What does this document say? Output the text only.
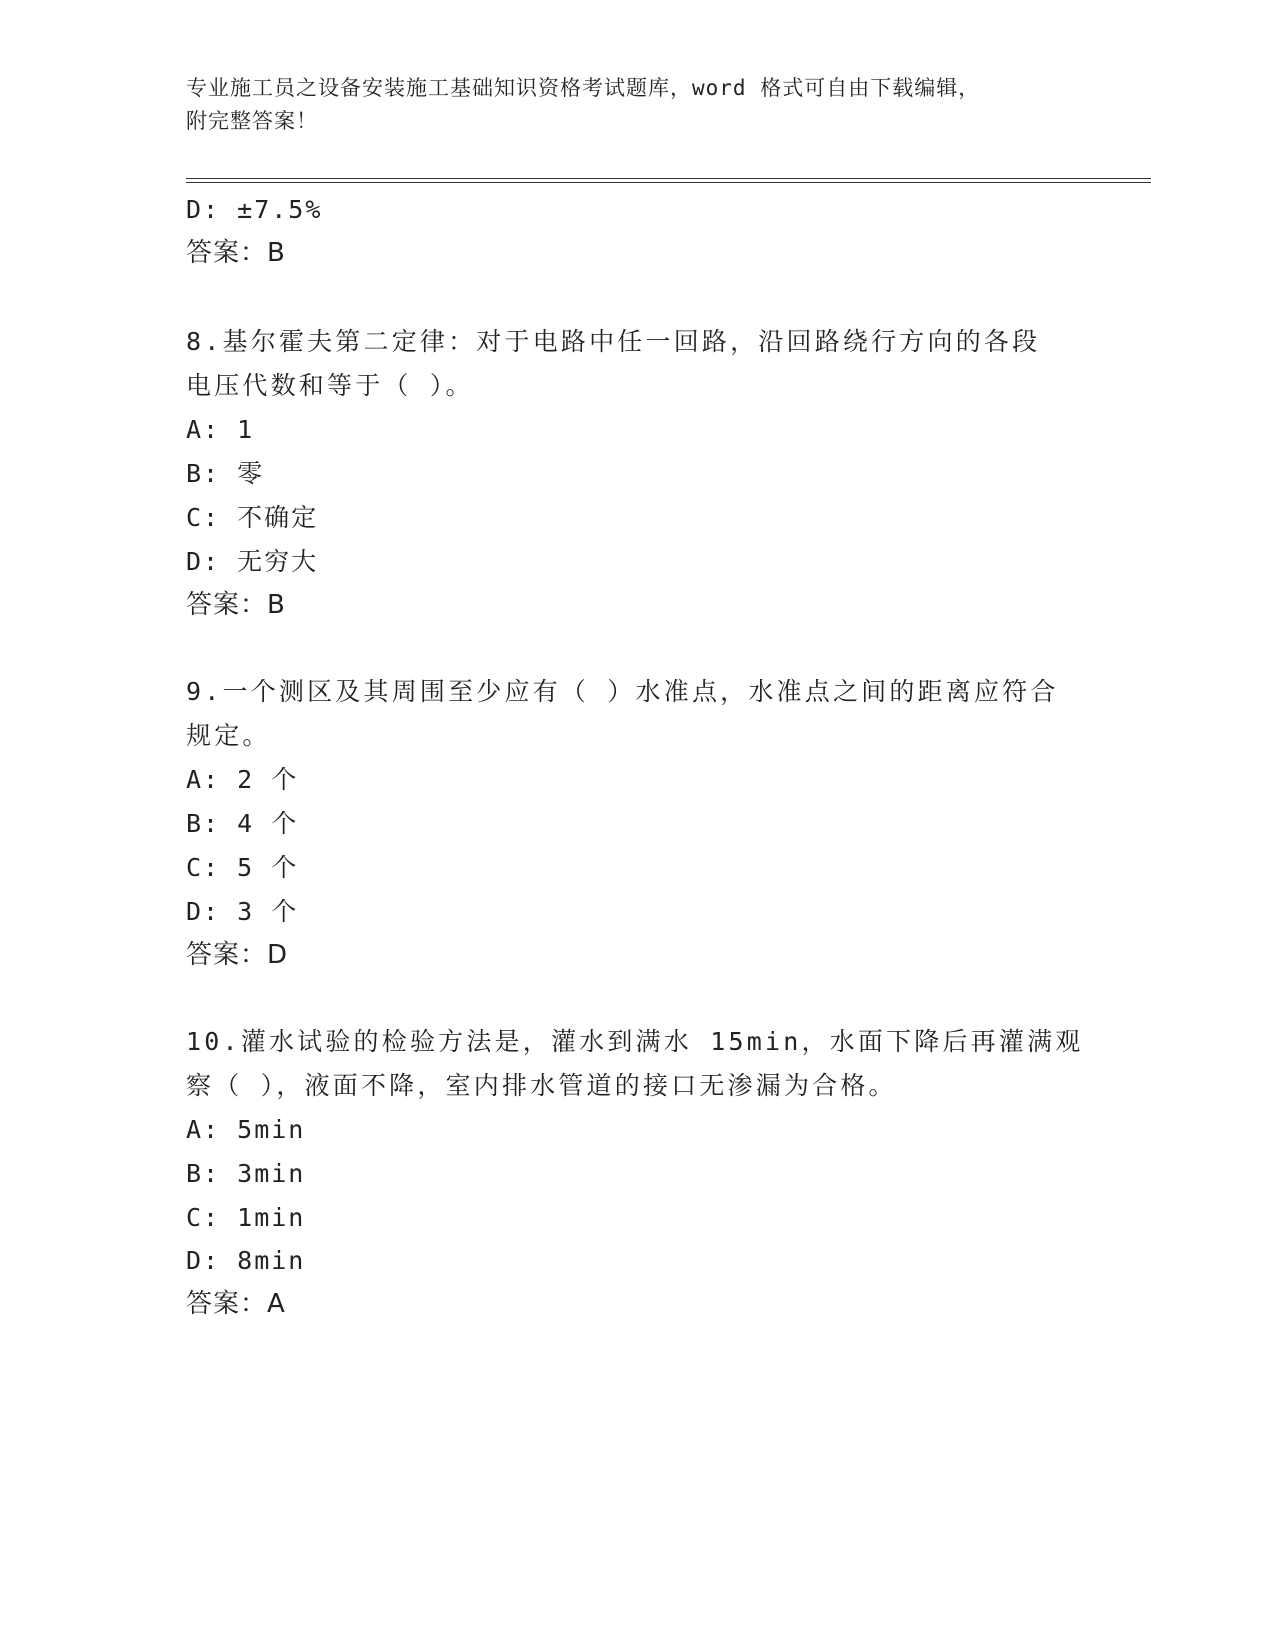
专业施工员之设备安装施工基础知识资格考试题库，word 格式可自由下载编辑，
附完整答案！
D: ±7.5%
答案：B
8.基尔霍夫第二定律：对于电路中任一回路，沿回路绕行方向的各段
电压代数和等于（ ）。
A: 1
B: 零
C: 不确定
D: 无穷大
答案：B
9.一个测区及其周围至少应有（ ）水准点，水准点之间的距离应符合
规定。
A: 2 个
B: 4 个
C: 5 个
D: 3 个
答案：D
10.灌水试验的检验方法是，灌水到满水 15min，水面下降后再灌满观
察（ ），液面不降，室内排水管道的接口无渗漏为合格。
A: 5min
B: 3min
C: 1min
D: 8min
答案：A
